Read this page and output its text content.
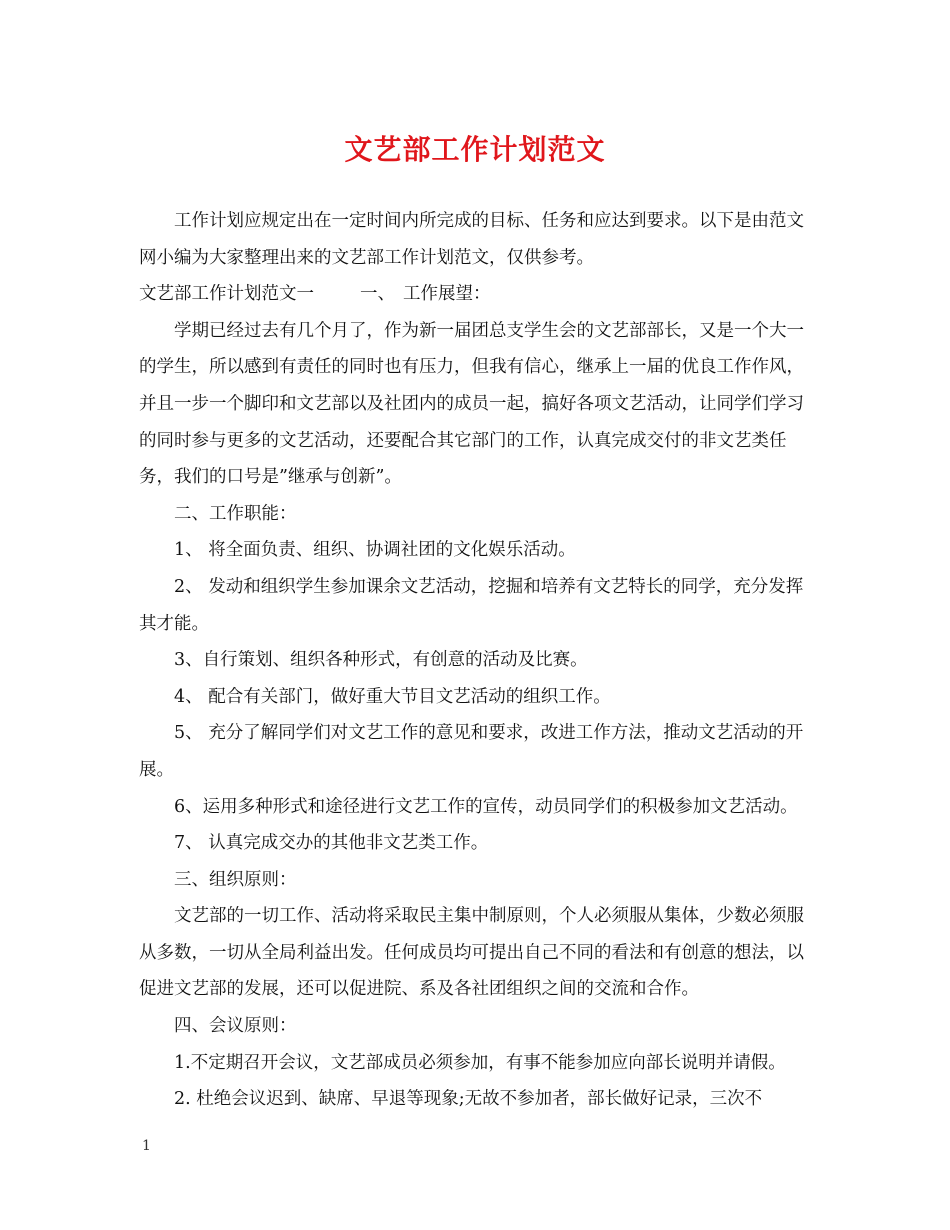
文艺部工作计划范文

工作计划应规定出在一定时间内所完成的目标、任务和应达到要求。以下是由范文网小编为大家整理出来的文艺部工作计划范文，仅供参考。

文艺部工作计划范文一	一、 工作展望：

学期已经过去有几个月了，作为新一届团总支学生会的文艺部部长，又是一个大一的学生，所以感到有责任的同时也有压力，但我有信心，继承上一届的优良工作作风，并且一步一个脚印和文艺部以及社团内的成员一起，搞好各项文艺活动，让同学们学习的同时参与更多的文艺活动，还要配合其它部门的工作，认真完成交付的非文艺类任务，我们的口号是”继承与创新”。

二、工作职能：

1、 将全面负责、组织、协调社团的文化娱乐活动。

2、 发动和组织学生参加课余文艺活动，挖掘和培养有文艺特长的同学，充分发挥其才能。

3、自行策划、组织各种形式，有创意的活动及比赛。

4、 配合有关部门，做好重大节目文艺活动的组织工作。

5、 充分了解同学们对文艺工作的意见和要求，改进工作方法，推动文艺活动的开展。

6、运用多种形式和途径进行文艺工作的宣传，动员同学们的积极参加文艺活动。

7、 认真完成交办的其他非文艺类工作。

三、组织原则：

文艺部的一切工作、活动将采取民主集中制原则，个人必须服从集体，少数必须服从多数，一切从全局利益出发。任何成员均可提出自己不同的看法和有创意的想法，以促进文艺部的发展，还可以促进院、系及各社团组织之间的交流和合作。

四、会议原则：

1.不定期召开会议，文艺部成员必须参加，有事不能参加应向部长说明并请假。

2. 杜绝会议迟到、缺席、早退等现象;无故不参加者，部长做好记录，三次不

1
